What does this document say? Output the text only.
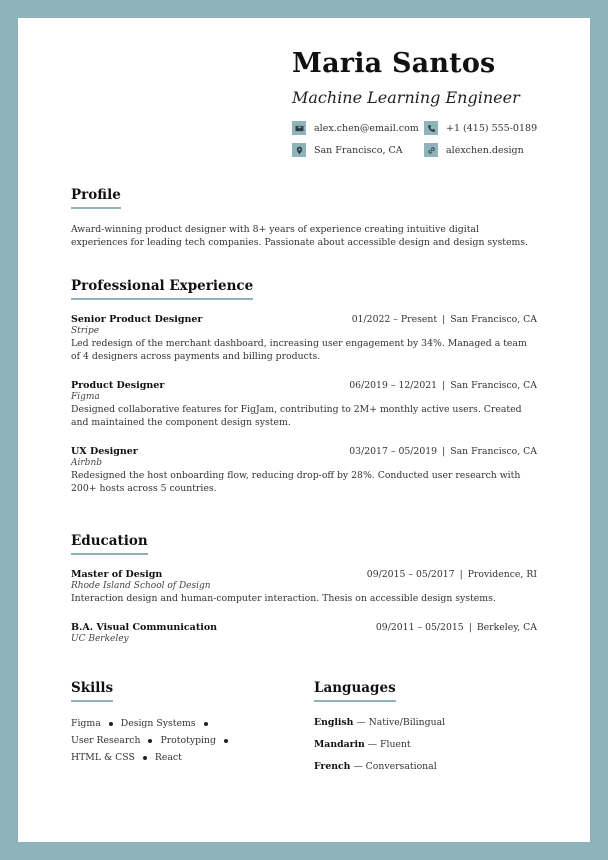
Maria Santos
Machine Learning Engineer
alex.chen@email.com	+1 (415) 555-0189
San Francisco, CA	alexchen.design
Profile
Award-winning product designer with 8+ years of experience creating intuitive digital experiences for leading tech companies. Passionate about accessible design and design systems.
Professional Experience
Senior Product Designer	01/2022 – Present | San Francisco, CA
Stripe
Led redesign of the merchant dashboard, increasing user engagement by 34%. Managed a team of 4 designers across payments and billing products.
Product Designer	06/2019 – 12/2021 | San Francisco, CA
Figma
Designed collaborative features for FigJam, contributing to 2M+ monthly active users. Created and maintained the component design system.
UX Designer	03/2017 – 05/2019 | San Francisco, CA
Airbnb
Redesigned the host onboarding flow, reducing drop-off by 28%. Conducted user research with 200+ hosts across 5 countries.
Education
Master of Design	09/2015 – 05/2017 | Providence, RI
Rhode Island School of Design
Interaction design and human-computer interaction. Thesis on accessible design systems.
B.A. Visual Communication	09/2011 – 05/2015 | Berkeley, CA
UC Berkeley
Skills
Figma Design Systems
User Research Prototyping
HTML & CSS React
Languages
English — Native/Bilingual
Mandarin — Fluent
French — Conversational
